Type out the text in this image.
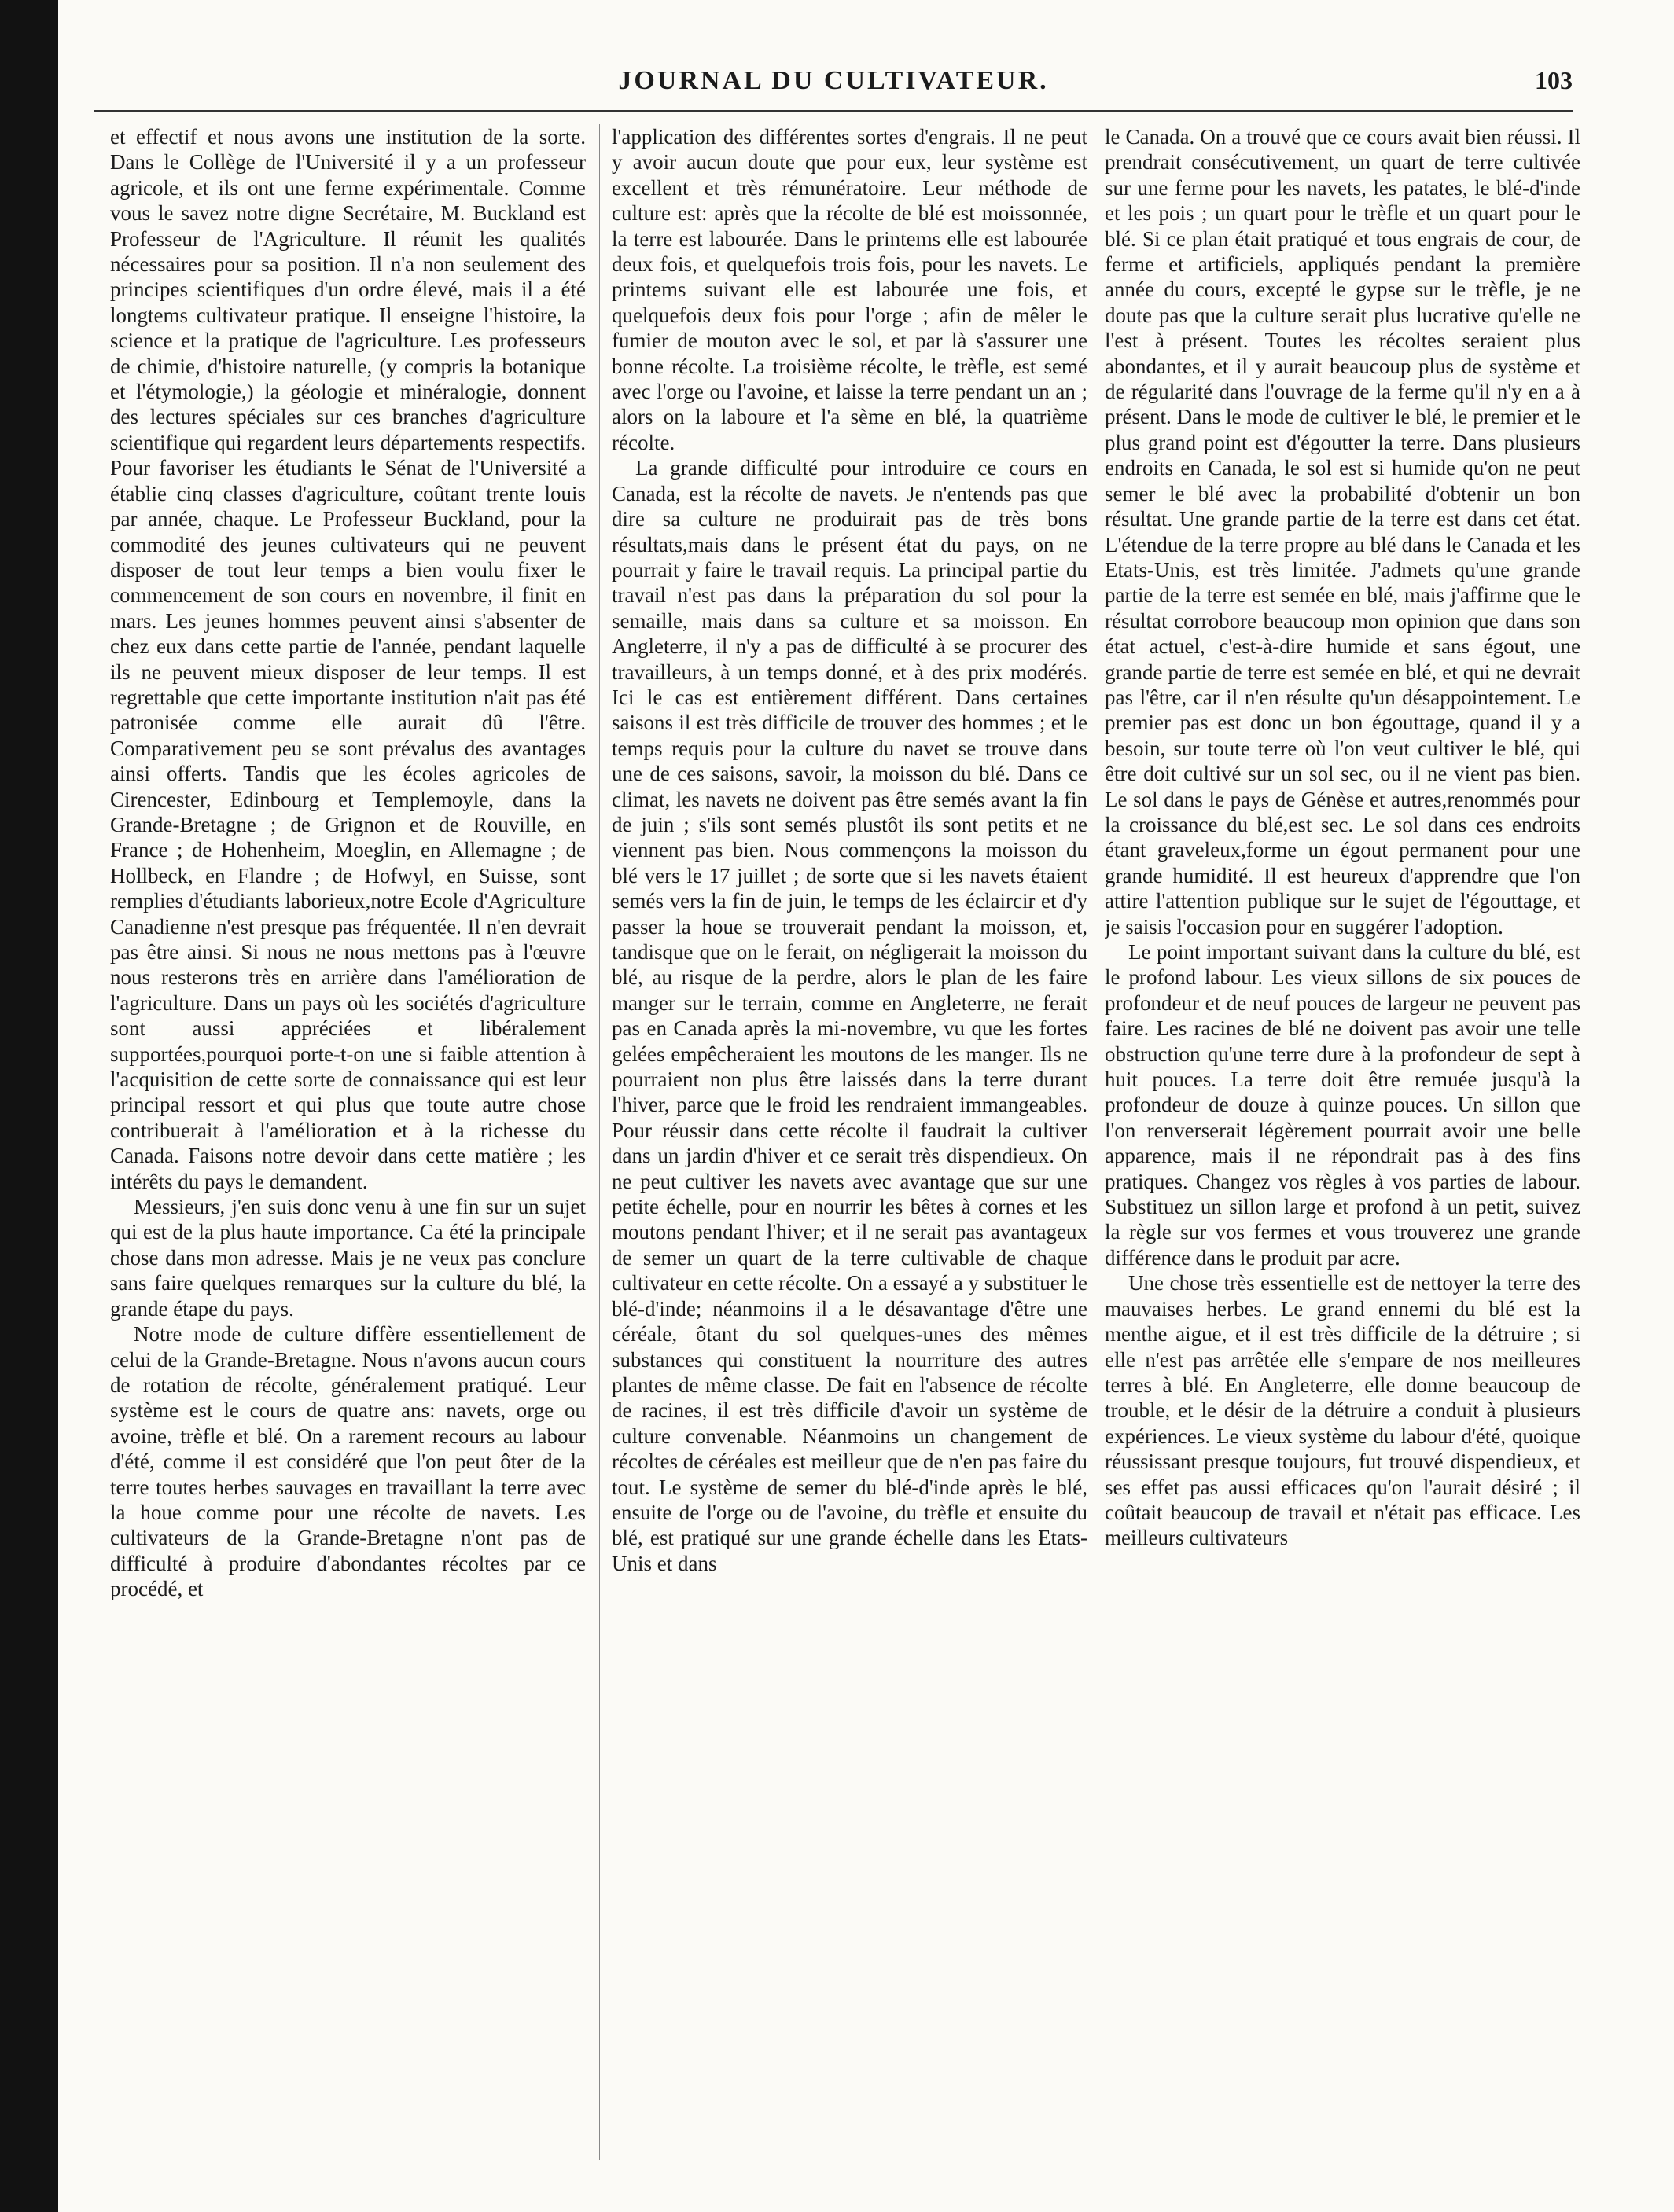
JOURNAL DU CULTIVATEUR.	103

et effectif et nous avons une institution de la sorte. Dans le Collège de l'Université il y a un professeur agricole, et ils ont une ferme expérimentale. Comme vous le savez notre digne Secrétaire, M. Buckland est Professeur de l'Agriculture. Il réunit les qualités nécessaires pour sa position. Il n'a non seulement des principes scientifiques d'un ordre élevé, mais il a été longtems cultivateur pratique. Il enseigne l'histoire, la science et la pratique de l'agriculture. Les professeurs de chimie, d'histoire naturelle, (y compris la botanique et l'étymologie,) la géologie et minéralogie, donnent des lectures spéciales sur ces branches d'agriculture scientifique qui regardent leurs départements respectifs. Pour favoriser les étudiants le Sénat de l'Université a établie cinq classes d'agriculture, coûtant trente louis par année, chaque. Le Professeur Buckland, pour la commodité des jeunes cultivateurs qui ne peuvent disposer de tout leur temps a bien voulu fixer le commencement de son cours en novembre, il finit en mars. Les jeunes hommes peuvent ainsi s'absenter de chez eux dans cette partie de l'année, pendant laquelle ils ne peuvent mieux disposer de leur temps. Il est regrettable que cette importante institution n'ait pas été patronisée comme elle aurait dû l'être. Comparativement peu se sont prévalus des avantages ainsi offerts. Tandis que les écoles agricoles de Cirencester, Edinbourg et Templemoyle, dans la Grande-Bretagne ; de Grignon et de Rouville, en France ; de Hohenheim, Moeglin, en Allemagne ; de Hollbeck, en Flandre ; de Hofwyl, en Suisse, sont remplies d'étudiants laborieux,notre Ecole d'Agriculture Canadienne n'est presque pas fréquentée. Il n'en devrait pas être ainsi. Si nous ne nous mettons pas à l'œuvre nous resterons très en arrière dans l'amélioration de l'agriculture. Dans un pays où les sociétés d'agriculture sont aussi appréciées et libéralement supportées,pourquoi porte-t-on une si faible attention à l'acquisition de cette sorte de connaissance qui est leur principal ressort et qui plus que toute autre chose contribuerait à l'amélioration et à la richesse du Canada. Faisons notre devoir dans cette matière ; les intérêts du pays le demandent.

Messieurs, j'en suis donc venu à une fin sur un sujet qui est de la plus haute importance. Ca été la principale chose dans mon adresse. Mais je ne veux pas conclure sans faire quelques remarques sur la culture du blé, la grande étape du pays.

Notre mode de culture diffère essentiellement de celui de la Grande-Bretagne. Nous n'avons aucun cours de rotation de récolte, généralement pratiqué. Leur système est le cours de quatre ans: navets, orge ou avoine, trèfle et blé. On a rarement recours au labour d'été, comme il est considéré que l'on peut ôter de la terre toutes herbes sauvages en travaillant la terre avec la houe comme pour une récolte de navets. Les cultivateurs de la Grande-Bretagne n'ont pas de difficulté à produire d'abondantes récoltes par ce procédé, et

l'application des différentes sortes d'engrais. Il ne peut y avoir aucun doute que pour eux, leur système est excellent et très rémunératoire. Leur méthode de culture est: après que la récolte de blé est moissonnée, la terre est labourée. Dans le printems elle est labourée deux fois, et quelquefois trois fois, pour les navets. Le printems suivant elle est labourée une fois, et quelquefois deux fois pour l'orge ; afin de mêler le fumier de mouton avec le sol, et par là s'assurer une bonne récolte. La troisième récolte, le trèfle, est semé avec l'orge ou l'avoine, et laisse la terre pendant un an ; alors on la laboure et l'a sème en blé, la quatrième récolte.

La grande difficulté pour introduire ce cours en Canada, est la récolte de navets. Je n'entends pas que dire sa culture ne produirait pas de très bons résultats,mais dans le présent état du pays, on ne pourrait y faire le travail requis. La principal partie du travail n'est pas dans la préparation du sol pour la semaille, mais dans sa culture et sa moisson. En Angleterre, il n'y a pas de difficulté à se procurer des travailleurs, à un temps donné, et à des prix modérés. Ici le cas est entièrement différent. Dans certaines saisons il est très difficile de trouver des hommes ; et le temps requis pour la culture du navet se trouve dans une de ces saisons, savoir, la moisson du blé. Dans ce climat, les navets ne doivent pas être semés avant la fin de juin ; s'ils sont semés plustôt ils sont petits et ne viennent pas bien. Nous commençons la moisson du blé vers le 17 juillet ; de sorte que si les navets étaient semés vers la fin de juin, le temps de les éclaircir et d'y passer la houe se trouverait pendant la moisson, et, tandisque que on le ferait, on négligerait la moisson du blé, au risque de la perdre, alors le plan de les faire manger sur le terrain, comme en Angleterre, ne ferait pas en Canada après la mi-novembre, vu que les fortes gelées empêcheraient les moutons de les manger. Ils ne pourraient non plus être laissés dans la terre durant l'hiver, parce que le froid les rendraient immangeables. Pour réussir dans cette récolte il faudrait la cultiver dans un jardin d'hiver et ce serait très dispendieux. On ne peut cultiver les navets avec avantage que sur une petite échelle, pour en nourrir les bêtes à cornes et les moutons pendant l'hiver; et il ne serait pas avantageux de semer un quart de la terre cultivable de chaque cultivateur en cette récolte. On a essayé a y substituer le blé-d'inde; néanmoins il a le désavantage d'être une céréale, ôtant du sol quelques-unes des mêmes substances qui constituent la nourriture des autres plantes de même classe. De fait en l'absence de récolte de racines, il est très difficile d'avoir un système de culture convenable. Néanmoins un changement de récoltes de céréales est meilleur que de n'en pas faire du tout. Le système de semer du blé-d'inde après le blé, ensuite de l'orge ou de l'avoine, du trèfle et ensuite du blé, est pratiqué sur une grande échelle dans les Etats-Unis et dans

le Canada. On a trouvé que ce cours avait bien réussi. Il prendrait consécutivement, un quart de terre cultivée sur une ferme pour les navets, les patates, le blé-d'inde et les pois ; un quart pour le trèfle et un quart pour le blé. Si ce plan était pratiqué et tous engrais de cour, de ferme et artificiels, appliqués pendant la première année du cours, excepté le gypse sur le trèfle, je ne doute pas que la culture serait plus lucrative qu'elle ne l'est à présent. Toutes les récoltes seraient plus abondantes, et il y aurait beaucoup plus de système et de régularité dans l'ouvrage de la ferme qu'il n'y en a à présent. Dans le mode de cultiver le blé, le premier et le plus grand point est d'égoutter la terre. Dans plusieurs endroits en Canada, le sol est si humide qu'on ne peut semer le blé avec la probabilité d'obtenir un bon résultat. Une grande partie de la terre est dans cet état. L'étendue de la terre propre au blé dans le Canada et les Etats-Unis, est très limitée. J'admets qu'une grande partie de la terre est semée en blé, mais j'affirme que le résultat corrobore beaucoup mon opinion que dans son état actuel, c'est-à-dire humide et sans égout, une grande partie de terre est semée en blé, et qui ne devrait pas l'être, car il n'en résulte qu'un désappointement. Le premier pas est donc un bon égouttage, quand il y a besoin, sur toute terre où l'on veut cultiver le blé, qui être doit cultivé sur un sol sec, ou il ne vient pas bien. Le sol dans le pays de Génèse et autres,renommés pour la croissance du blé,est sec. Le sol dans ces endroits étant graveleux,forme un égout permanent pour une grande humidité. Il est heureux d'apprendre que l'on attire l'attention publique sur le sujet de l'égouttage, et je saisis l'occasion pour en suggérer l'adoption.

Le point important suivant dans la culture du blé, est le profond labour. Les vieux sillons de six pouces de profondeur et de neuf pouces de largeur ne peuvent pas faire. Les racines de blé ne doivent pas avoir une telle obstruction qu'une terre dure à la profondeur de sept à huit pouces. La terre doit être remuée jusqu'à la profondeur de douze à quinze pouces. Un sillon que l'on renverserait légèrement pourrait avoir une belle apparence, mais il ne répondrait pas à des fins pratiques. Changez vos règles à vos parties de labour. Substituez un sillon large et profond à un petit, suivez la règle sur vos fermes et vous trouverez une grande différence dans le produit par acre.

Une chose très essentielle est de nettoyer la terre des mauvaises herbes. Le grand ennemi du blé est la menthe aigue, et il est très difficile de la détruire ; si elle n'est pas arrêtée elle s'empare de nos meilleures terres à blé. En Angleterre, elle donne beaucoup de trouble, et le désir de la détruire a conduit à plusieurs expériences. Le vieux système du labour d'été, quoique réussissant presque toujours, fut trouvé dispendieux, et ses effet pas aussi efficaces qu'on l'aurait désiré ; il coûtait beaucoup de travail et n'était pas efficace. Les meilleurs cultivateurs
